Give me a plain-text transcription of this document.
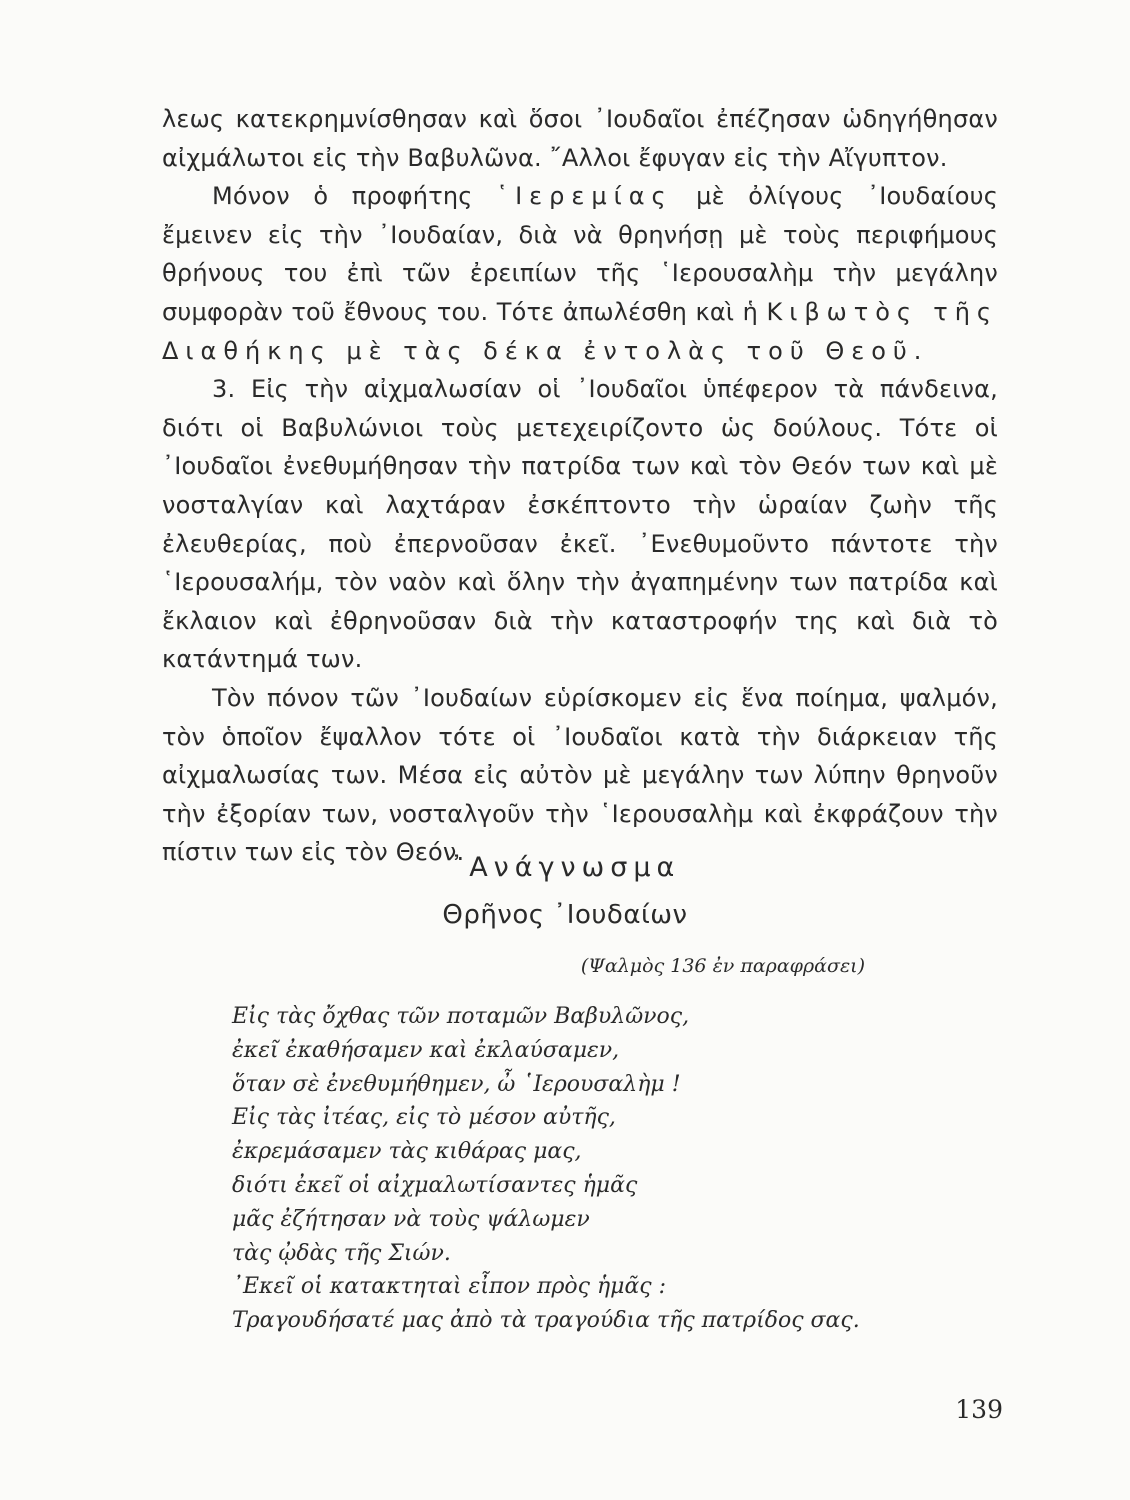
λεως κατεκρημνίσθησαν καὶ ὅσοι ᾿Ιουδαῖοι ἐπέζησαν ὡδηγήθησαν αἰχμάλωτοι εἰς τὴν Βαβυλῶνα. ῎Αλλοι ἔφυγαν εἰς τὴν Αἴγυπτον.

Μόνον ὁ προφήτης ῾Ιερεμίας μὲ ὀλίγους ᾿Ιουδαίους ἔμεινεν εἰς τὴν ᾿Ιουδαίαν, διὰ νὰ θρηνήσῃ μὲ τοὺς περιφήμους θρήνους του ἐπὶ τῶν ἐρειπίων τῆς ῾Ιερουσαλὴμ τὴν μεγάλην συμφορὰν τοῦ ἔθνους του. Τότε ἀπωλέσθη καὶ ἡ Κιβωτὸς τῆς Διαθήκης μὲ τὰς δέκα ἐντολὰς τοῦ Θεοῦ.

3. Εἰς τὴν αἰχμαλωσίαν οἱ ᾿Ιουδαῖοι ὑπέφερον τὰ πάνδεινα, διότι οἱ Βαβυλώνιοι τοὺς μετεχειρίζοντο ὡς δούλους. Τότε οἱ ᾿Ιουδαῖοι ἐνεθυμήθησαν τὴν πατρίδα των καὶ τὸν Θεόν των καὶ μὲ νοσταλγίαν καὶ λαχτάραν ἐσκέπτοντο τὴν ὡραίαν ζωὴν τῆς ἐλευθερίας, ποὺ ἐπερνοῦσαν ἐκεῖ. ᾿Ενεθυμοῦντο πάντοτε τὴν ῾Ιερουσαλήμ, τὸν ναὸν καὶ ὅλην τὴν ἀγαπημένην των πατρίδα καὶ ἔκλαιον καὶ ἐθρηνοῦσαν διὰ τὴν καταστροφήν της καὶ διὰ τὸ κατάντημά των.

Τὸν πόνον τῶν ᾿Ιουδαίων εὑρίσκομεν εἰς ἕνα ποίημα, ψαλμόν, τὸν ὁποῖον ἔψαλλον τότε οἱ ᾿Ιουδαῖοι κατὰ τὴν διάρκειαν τῆς αἰχμαλωσίας των. Μέσα εἰς αὐτὸν μὲ μεγάλην των λύπην θρηνοῦν τὴν ἐξορίαν των, νοσταλγοῦν τὴν ῾Ιερουσαλὴμ καὶ ἐκφράζουν τὴν πίστιν των εἰς τὸν Θεόν.

᾿Ανάγνωσμα
Θρῆνος ᾿Ιουδαίων
(Ψαλμὸς 136 ἐν παραφράσει)
Εἰς τὰς ὄχθας τῶν ποταμῶν Βαβυλῶνος,
ἐκεῖ ἐκαθήσαμεν καὶ ἐκλαύσαμεν,
ὅταν σὲ ἐνεθυμήθημεν, ὦ ῾Ιερουσαλὴμ !
Εἰς τὰς ἰτέας, εἰς τὸ μέσον αὐτῆς,
ἐκρεμάσαμεν τὰς κιθάρας μας,
διότι ἐκεῖ οἱ αἰχμαλωτίσαντες ἡμᾶς
μᾶς ἐζήτησαν νὰ τοὺς ψάλωμεν
τὰς ᾠδὰς τῆς Σιών.
᾿Εκεῖ οἱ κατακτηταὶ εἶπον πρὸς ἡμᾶς :
Τραγουδήσατέ μας ἀπὸ τὰ τραγούδια τῆς πατρίδος σας.
139
